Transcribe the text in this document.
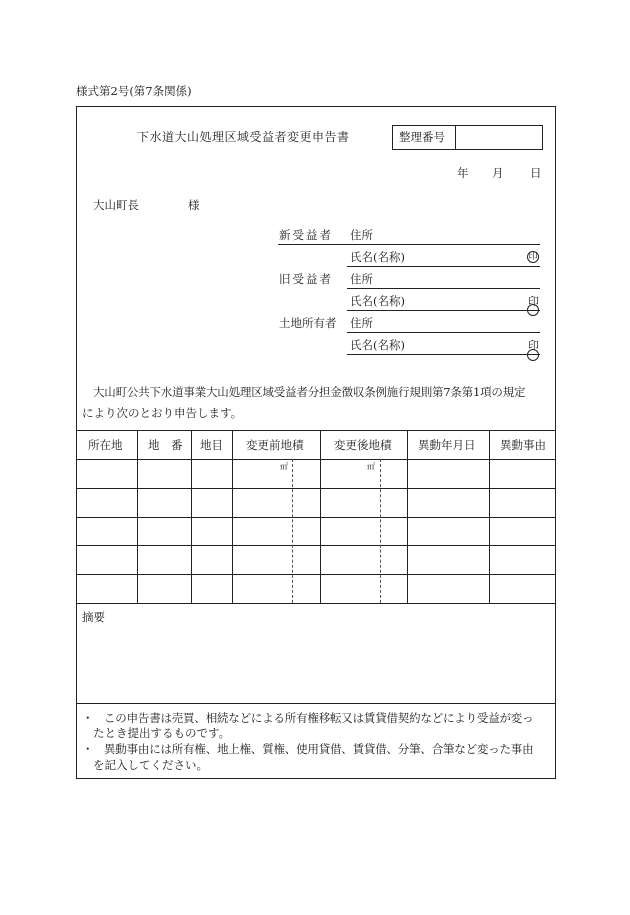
様式第2号(第7条関係)
下水道大山処理区域受益者変更申告書	整理番号
年 月 日
大山町長	様
新受益者 住所
氏名(名称)	印
旧受益者 住所
氏名(名称)	印
土地所有者 住所
氏名(名称)	印
大山町公共下水道事業大山処理区域受益者分担金徴収条例施行規則第7条第1項の規定
により次のとおり申告します。
所在地 地　番 地目 変更前地積	変更後地積 異動年月日 異動事由
㎡	㎡
摘要
・ この申告書は売買、相続などによる所有権移転又は賃貸借契約などにより受益が変っ
たとき提出するものです。
・ 異動事由には所有権、地上権、質権、使用貸借、賃貸借、分筆、合筆など変った事由
を記入してください。
